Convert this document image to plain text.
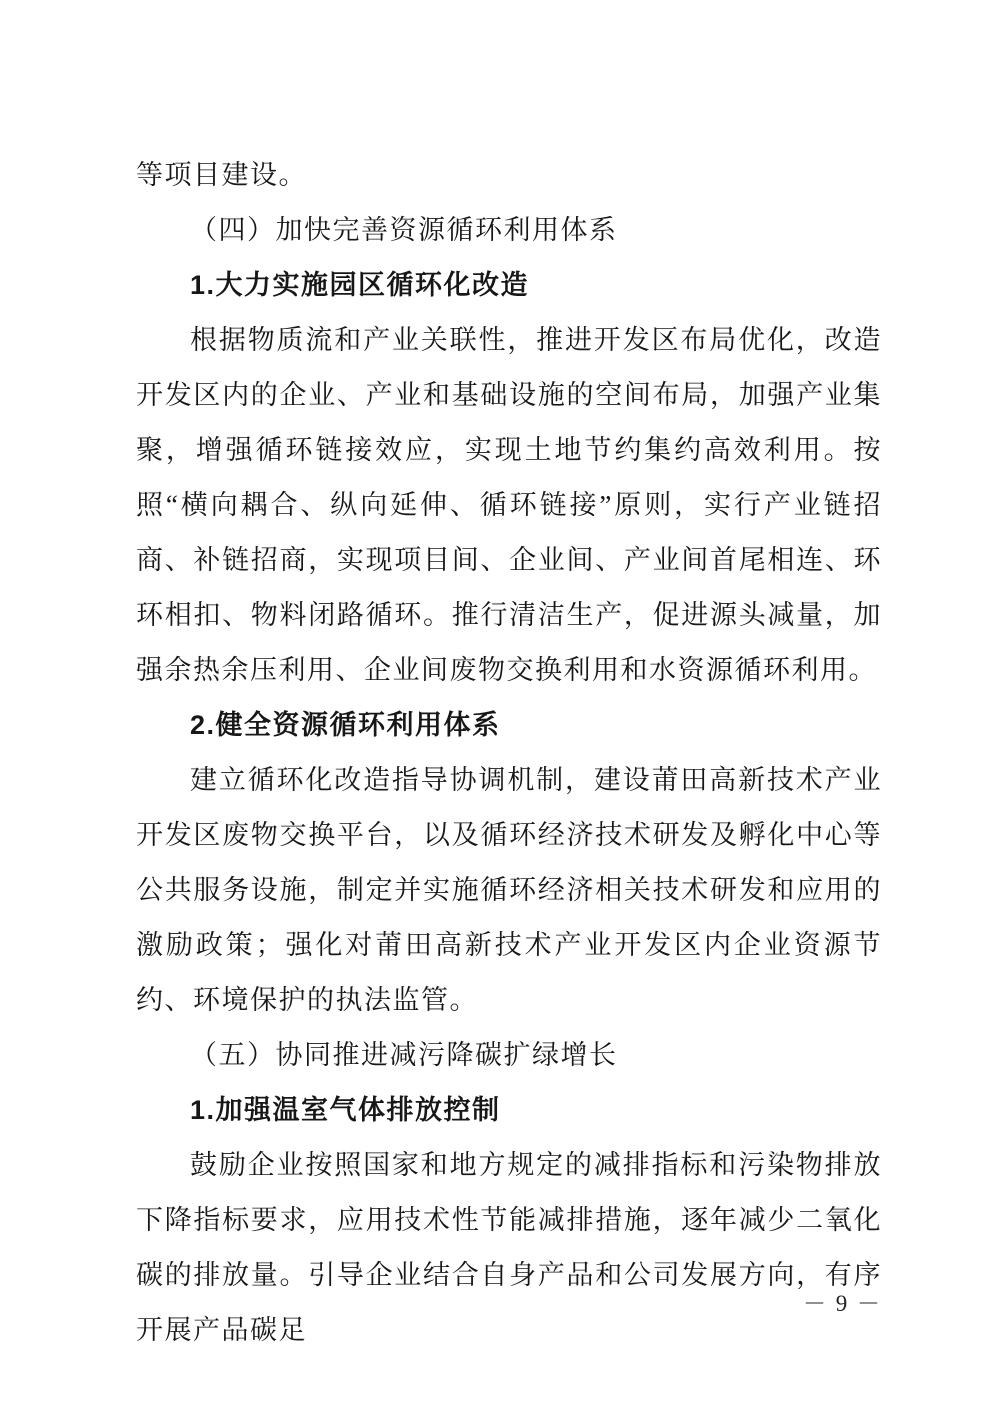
等项目建设。

（四）加快完善资源循环利用体系

1.大力实施园区循环化改造

根据物质流和产业关联性，推进开发区布局优化，改造开发区内的企业、产业和基础设施的空间布局，加强产业集聚，增强循环链接效应，实现土地节约集约高效利用。按照“横向耦合、纵向延伸、循环链接”原则，实行产业链招商、补链招商，实现项目间、企业间、产业间首尾相连、环环相扣、物料闭路循环。推行清洁生产，促进源头减量，加强余热余压利用、企业间废物交换利用和水资源循环利用。

2.健全资源循环利用体系

建立循环化改造指导协调机制，建设莆田高新技术产业开发区废物交换平台，以及循环经济技术研发及孵化中心等公共服务设施，制定并实施循环经济相关技术研发和应用的激励政策；强化对莆田高新技术产业开发区内企业资源节约、环境保护的执法监管。

（五）协同推进减污降碳扩绿增长

1.加强温室气体排放控制

鼓励企业按照国家和地方规定的减排指标和污染物排放下降指标要求，应用技术性节能减排措施，逐年减少二氧化碳的排放量。引导企业结合自身产品和公司发展方向，有序开展产品碳足

－ 9 －
